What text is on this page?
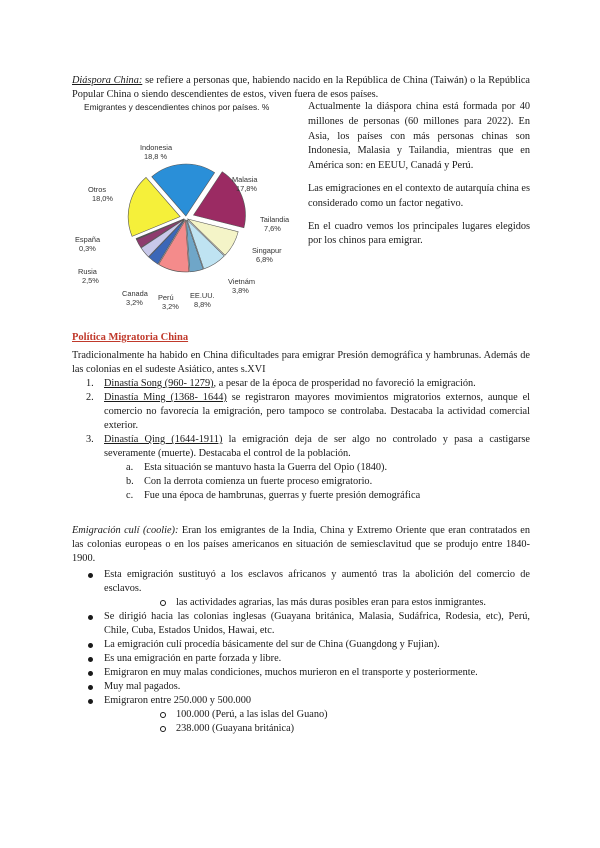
Diáspora China: se refiere a personas que, habiendo nacido en la República de China (Taiwán) o la República Popular China o siendo descendientes de estos, viven fuera de esos países.

Emigrantes y descendientes chinos por países. %
Indonesia
18,8 %
Malasia
17,8%
Tailandia
7,6%
Singapur
6,8%
Vietnám
3,8%
EE.UU.
8,8%
Perú
3,2%
Canada
3,2%
Rusia
2,5%
España
0,3%
Otros
18,0%

Actualmente la diáspora china está formada por 40 millones de personas (60 millones para 2022). En Asia, los países con más personas chinas son Indonesia, Malasia y Tailandia, mientras que en América son: en EEUU, Canadá y Perú.

Las emigraciones en el contexto de autarquía china es considerado como un factor negativo.

En el cuadro vemos los principales lugares elegidos por los chinos para emigrar.

Política Migratoria China

Tradicionalmente ha habido en China dificultades para emigrar Presión demográfica y hambrunas. Además de las colonias en el sudeste Asiático, antes s.XVI

1. Dinastía Song (960- 1279), a pesar de la época de prosperidad no favoreció la emigración.
2. Dinastía Ming (1368- 1644) se registraron mayores movimientos migratorios externos, aunque el comercio no favorecía la emigración, pero tampoco se controlaba. Destacaba la actividad comercial exterior.
3. Dinastía Qing (1644-1911) la emigración deja de ser algo no controlado y pasa a castigarse severamente (muerte). Destacaba el control de la población.
a. Esta situación se mantuvo hasta la Guerra del Opio (1840).
b. Con la derrota comienza un fuerte proceso emigratorio.
c. Fue una época de hambrunas, guerras y fuerte presión demográfica

Emigración culí (coolie): Eran los emigrantes de la India, China y Extremo Oriente que eran contratados en las colonias europeas o en los países americanos en situación de semiesclavitud que se produjo entre 1840-1900.

Esta emigración sustituyó a los esclavos africanos y aumentó tras la abolición del comercio de esclavos.
las actividades agrarias, las más duras posibles eran para estos inmigrantes.
Se dirigió hacia las colonias inglesas (Guayana británica, Malasia, Sudáfrica, Rodesia, etc), Perú, Chile, Cuba, Estados Unidos, Hawai, etc.
La emigración culí procedía básicamente del sur de China (Guangdong y Fujian).
Es una emigración en parte forzada y libre.
Emigraron en muy malas condiciones, muchos murieron en el transporte y posteriormente.
Muy mal pagados.
Emigraron entre 250.000 y 500.000
100.000 (Perú, a las islas del Guano)
238.000 (Guayana británica)
